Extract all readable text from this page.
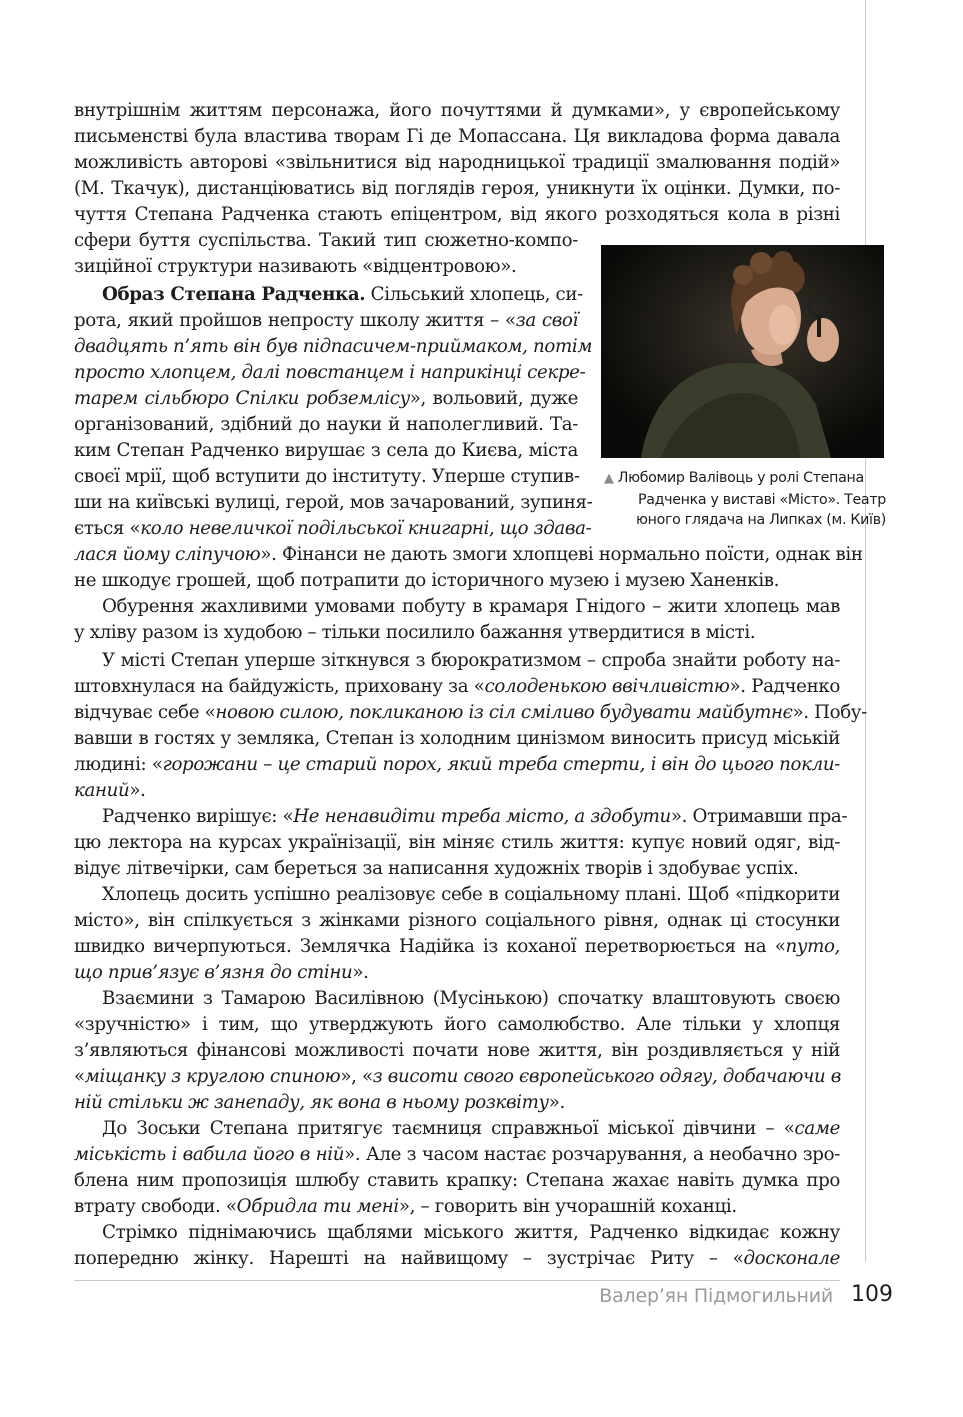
внутрішнім життям персонажа, його почуттями й думками», у європейському
письменстві була властива творам Гі де Мопассана. Ця викладова форма давала
можливість авторові «звільнитися від народницької традиції змалювання подій»
(М. Ткачук), дистанціюватись від поглядів героя, уникнути їх оцінки. Думки, по-
чуття Степана Радченка стають епіцентром, від якого розходяться кола в різні
сфери буття суспільства. Такий тип сюжетно-компо-
зиційної структури називають «відцентровою».
Образ Степана Радченка. Сільський хлопець, си-
рота, який пройшов непросту школу життя – «за свої
двадцять п’ять він був підпасичем-приймаком, потім
просто хлопцем, далі повстанцем і наприкінці секре-
тарем сільбюро Спілки робземлісу», вольовий, дуже
організований, здібний до науки й наполегливий. Та-
ким Степан Радченко вирушає з села до Києва, міста
своєї мрії, щоб вступити до інституту. Уперше ступив-
ши на київські вулиці, герой, мов зачарований, зупиня-
ється «коло невеличкої подільської книгарні, що здава-
лася йому сліпучою». Фінанси не дають змоги хлопцеві нормально поїсти, однак він
не шкодує грошей, щоб потрапити до історичного музею і музею Ханенків.
Обурення жахливими умовами побуту в крамаря Гнідого – жити хлопець мав
у хліву разом із худобою – тільки посилило бажання утвердитися в місті.
У місті Степан уперше зіткнувся з бюрократизмом – спроба знайти роботу на-
штовхнулася на байдужість, приховану за «солоденькою ввічливістю». Радченко
відчуває себе «новою силою, покликаною із сіл сміливо будувати майбутнє». Побу-
вавши в гостях у земляка, Степан із холодним цинізмом виносить присуд міській
людині: «горожани – це старий порох, який треба стерти, і він до цього покли-
каний».
Радченко вирішує: «Не ненавидіти треба місто, а здобути». Отримавши пра-
цю лектора на курсах українізації, він міняє стиль життя: купує новий одяг, від-
відує літвечірки, сам береться за написання художніх творів і здобуває успіх.
Хлопець досить успішно реалізовує себе в соціальному плані. Щоб «підкорити
місто», він спілкується з жінками різного соціального рівня, однак ці стосунки
швидко вичерпуються. Землячка Надійка із коханої перетворюється на «путо,
що прив’язує в’язня до стіни».
Взаємини з Тамарою Василівною (Мусінькою) спочатку влаштовують своєю
«зручністю» і тим, що утверджують його самолюбство. Але тільки у хлопця
з’являються фінансові можливості почати нове життя, він роздивляється у ній
«міщанку з круглою спиною», «з висоти свого європейського одягу, добачаючи в
ній стільки ж занепаду, як вона в ньому розквіту».
До Зоськи Степана притягує таємниця справжньої міської дівчини – «саме
міськість і вабила його в ній». Але з часом настає розчарування, а необачно зро-
блена ним пропозиція шлюбу ставить крапку: Степана жахає навіть думка про
втрату свободи. «Обридла ти мені», – говорить він учорашній коханці.
Стрімко піднімаючись щаблями міського життя, Радченко відкидає кожну
попередню жінку. Нарешті на найвищому – зустрічає Риту – «досконале
▲ Любомир Валівоць у ролі Степана
Радченка у виставі «Місто». Театр
юного глядача на Липках (м. Київ)
Валер’ян Підмогильний 109
